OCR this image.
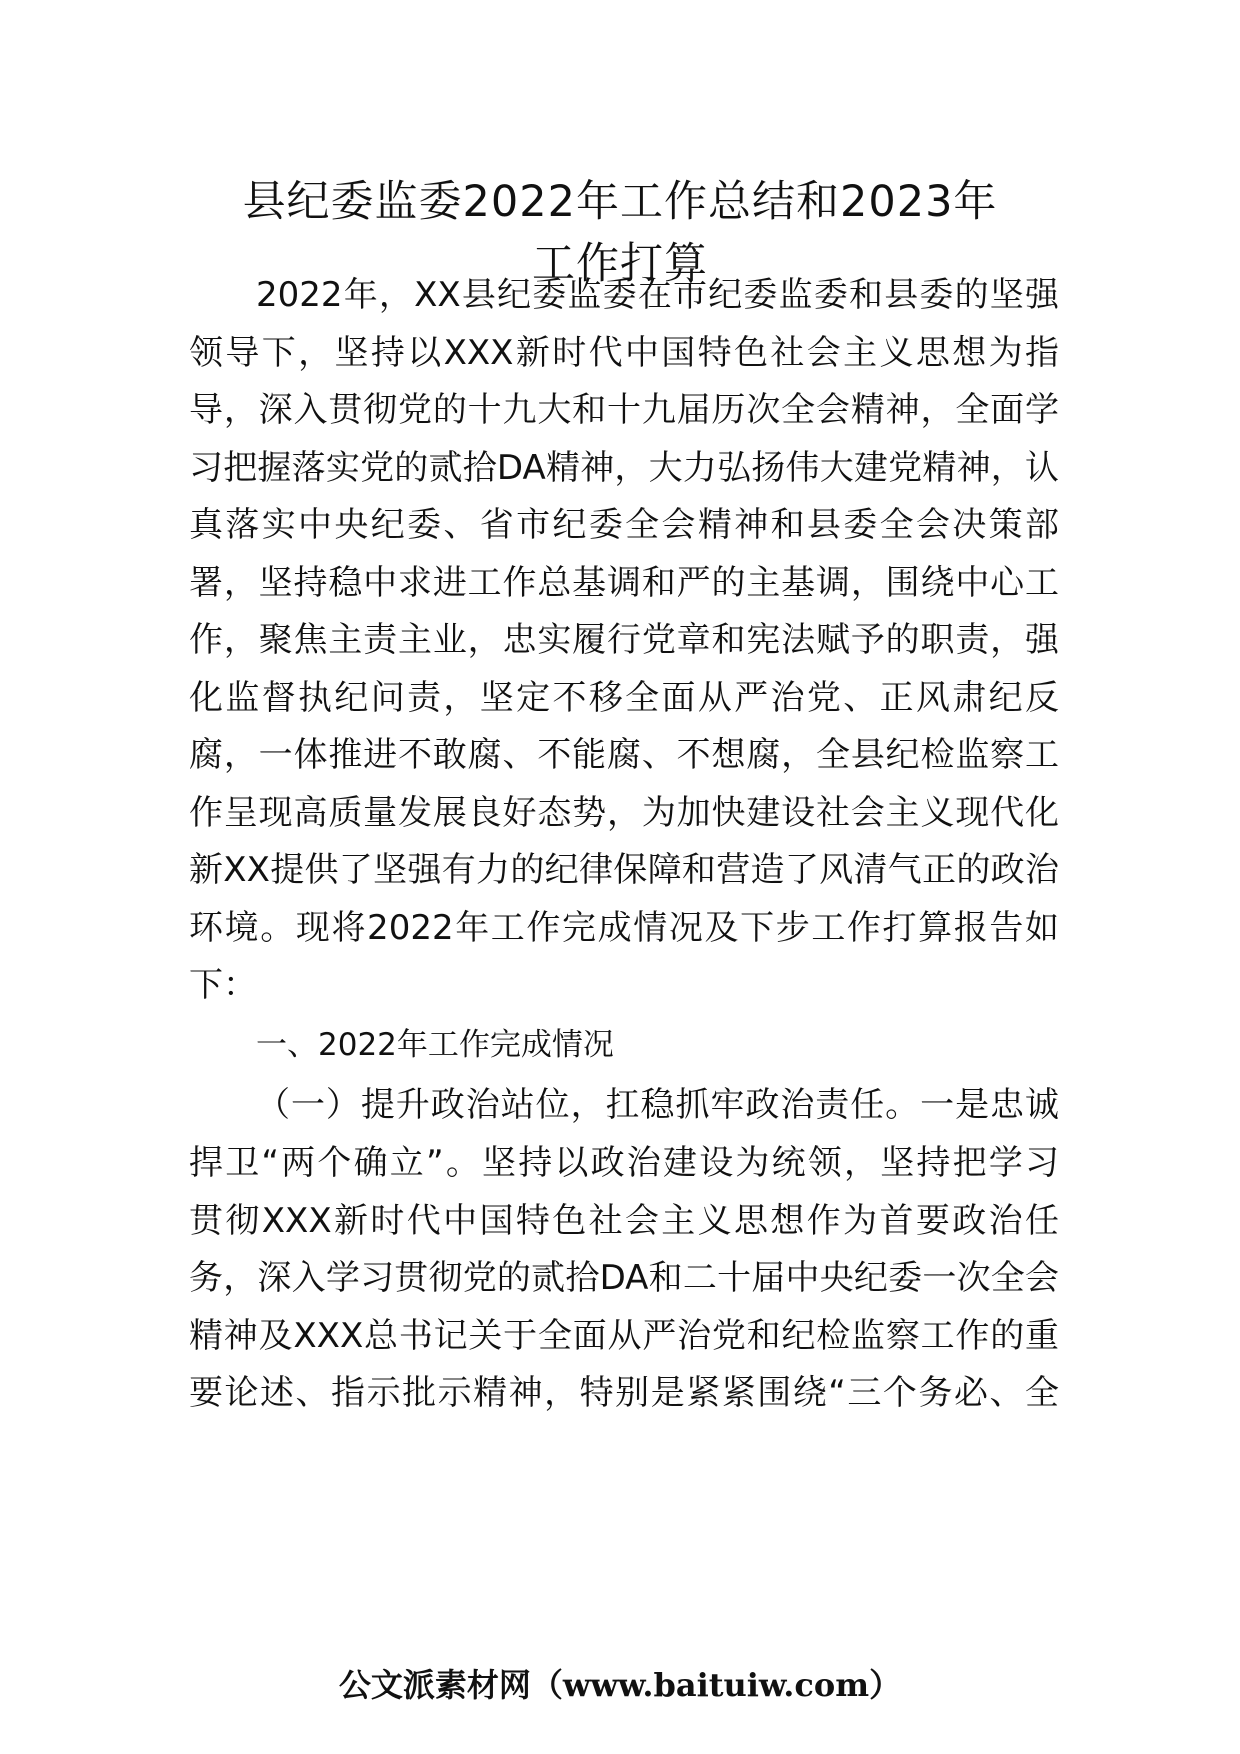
县纪委监委2022年工作总结和2023年
工作打算
2022年，XX县纪委监委在市纪委监委和县委的坚强
领导下，坚持以XXX新时代中国特色社会主义思想为指
导，深入贯彻党的十九大和十九届历次全会精神，全面学
习把握落实党的贰拾DA精神，大力弘扬伟大建党精神，认
真落实中央纪委、省市纪委全会精神和县委全会决策部
署，坚持稳中求进工作总基调和严的主基调，围绕中心工
作，聚焦主责主业，忠实履行党章和宪法赋予的职责，强
化监督执纪问责，坚定不移全面从严治党、正风肃纪反
腐，一体推进不敢腐、不能腐、不想腐，全县纪检监察工
作呈现高质量发展良好态势，为加快建设社会主义现代化
新XX提供了坚强有力的纪律保障和营造了风清气正的政治
环境。现将2022年工作完成情况及下步工作打算报告如
下：
一、2022年工作完成情况
（一）提升政治站位，扛稳抓牢政治责任。一是忠诚
捍卫“两个确立”。坚持以政治建设为统领，坚持把学习
贯彻XXX新时代中国特色社会主义思想作为首要政治任
务，深入学习贯彻党的贰拾DA和二十届中央纪委一次全会
精神及XXX总书记关于全面从严治党和纪检监察工作的重
要论述、指示批示精神，特别是紧紧围绕“三个务必、全
公文派素材网（www.baituiw.com）
